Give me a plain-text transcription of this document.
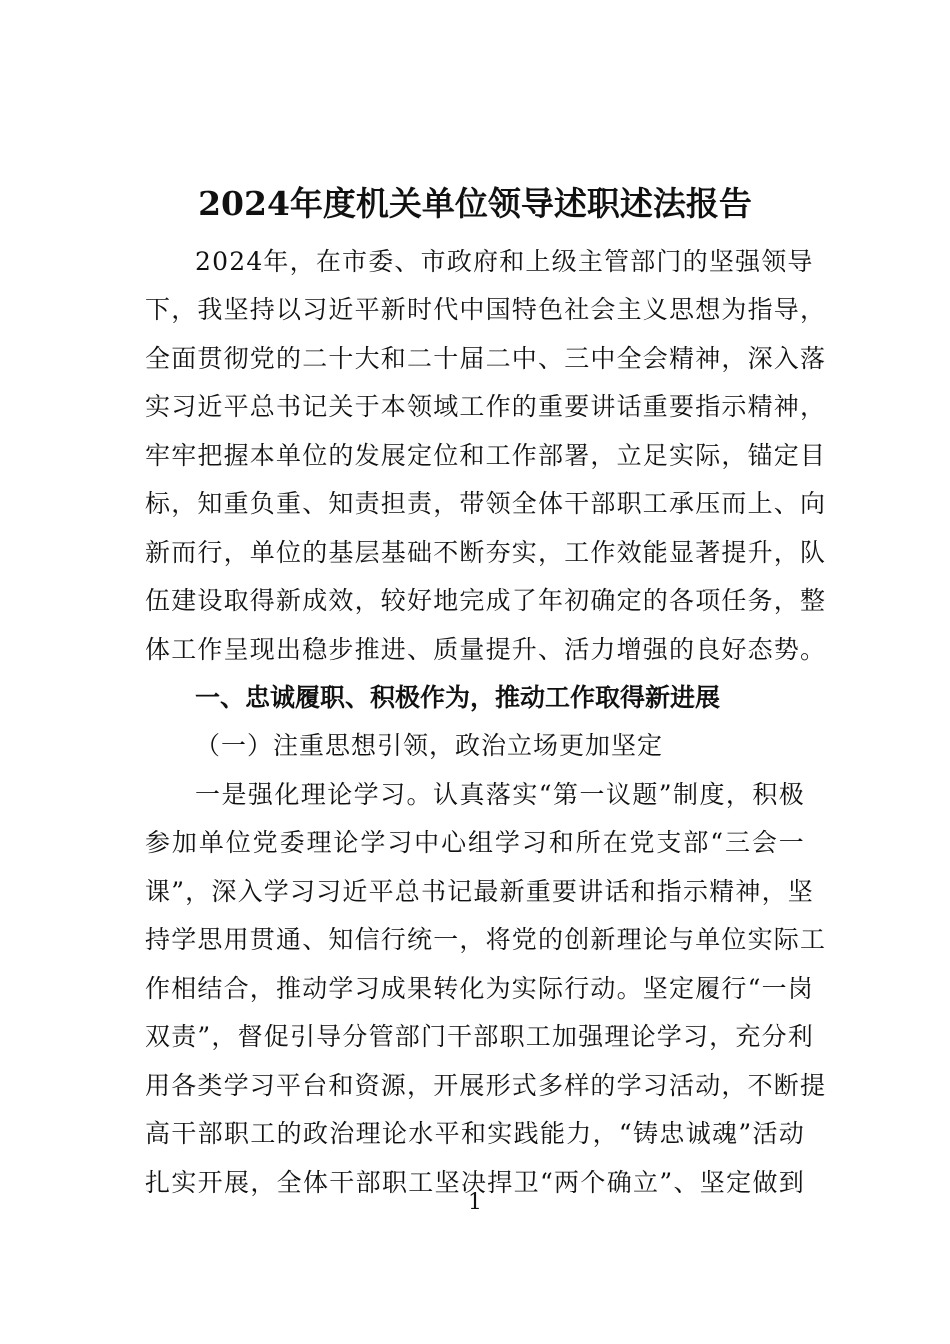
2024年度机关单位领导述职述法报告
2024年，在市委、市政府和上级主管部门的坚强领导
下，我坚持以习近平新时代中国特色社会主义思想为指导，
全面贯彻党的二十大和二十届二中、三中全会精神，深入落
实习近平总书记关于本领域工作的重要讲话重要指示精神，
牢牢把握本单位的发展定位和工作部署，立足实际，锚定目
标，知重负重、知责担责，带领全体干部职工承压而上、向
新而行，单位的基层基础不断夯实，工作效能显著提升，队
伍建设取得新成效，较好地完成了年初确定的各项任务，整
体工作呈现出稳步推进、质量提升、活力增强的良好态势。
一、忠诚履职、积极作为，推动工作取得新进展
（一）注重思想引领，政治立场更加坚定
一是强化理论学习。认真落实“第一议题”制度，积极
参加单位党委理论学习中心组学习和所在党支部“三会一
课”，深入学习习近平总书记最新重要讲话和指示精神，坚
持学思用贯通、知信行统一，将党的创新理论与单位实际工
作相结合，推动学习成果转化为实际行动。坚定履行“一岗
双责”，督促引导分管部门干部职工加强理论学习，充分利
用各类学习平台和资源，开展形式多样的学习活动，不断提
高干部职工的政治理论水平和实践能力，“铸忠诚魂”活动
扎实开展，全体干部职工坚决捍卫“两个确立”、坚定做到
1
